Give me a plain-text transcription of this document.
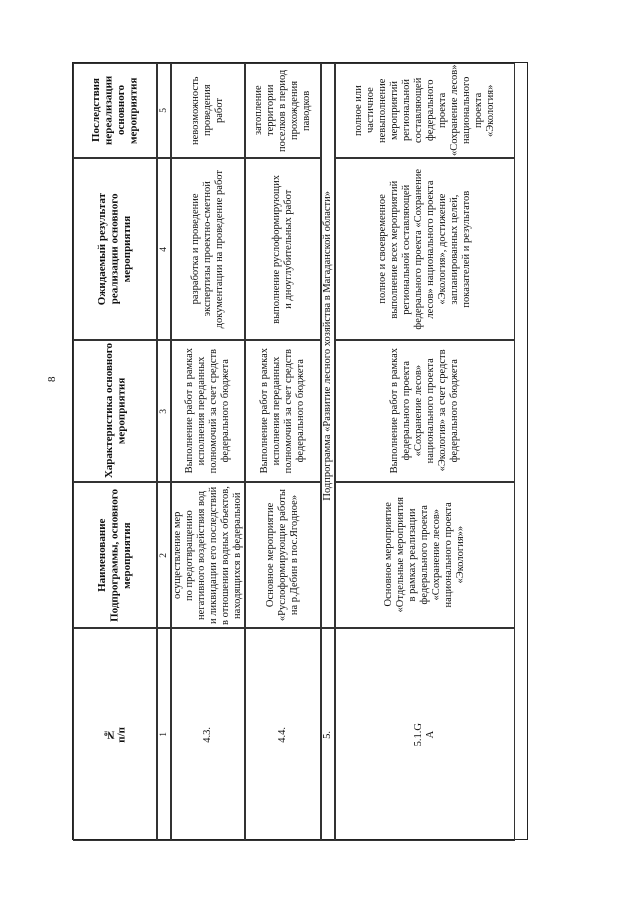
8
Последствия
нереализации основного
мероприятия
Ожидаемый результат
реализации основного
мероприятия
Характеристика основного
мероприятия
Наименование
Подпрограммы, основного
мероприятия
№
п/п
5
4
3
2
1
невозможность проведения
работ
разработка и проведение
экспертизы проектно-сметной
документации на проведение работ
Выполнение работ в рамках
исполнения переданных
полномочий за счет средств
федерального бюджета

осуществление мер
по предотвращению
негативного воздействия вод
и ликвидации его последствий
в отношении водных объектов,
находящихся в федеральной

4.3.
затопление территории
поселков в период
прохождения паводков
выполнение руслоформирующих
и дноуглубительных работ
Выполнение работ в рамках
исполнения переданных
полномочий за счет средств
федерального бюджета
Основное мероприятие
«Руслоформирующие работы
на р.Дебин в пос.Ягодное»
4.4.
Подпрограмма «Развитие лесного хозяйства в Магаданской области»
5.
полное или частичное
невыполнение мероприятий
региональной
составляющей
федерального проекта
«Сохранение лесов»
национального проекта
«Экология»
полное и своевременное
выполнение всех мероприятий
региональной составляющей
федерального проекта «Сохранение
лесов» национального проекта
«Экология», достижение
запланированных целей,
показателей и результатов
Выполнение работ в рамках
федерального проекта
«Сохранение лесов»
национального проекта
«Экология» за счет средств
федерального бюджета
Основное мероприятие
«Отдельные мероприятия
в рамках реализации
федерального проекта
«Сохранение лесов»
национального проекта
«Экология»»
5.1.G
A
